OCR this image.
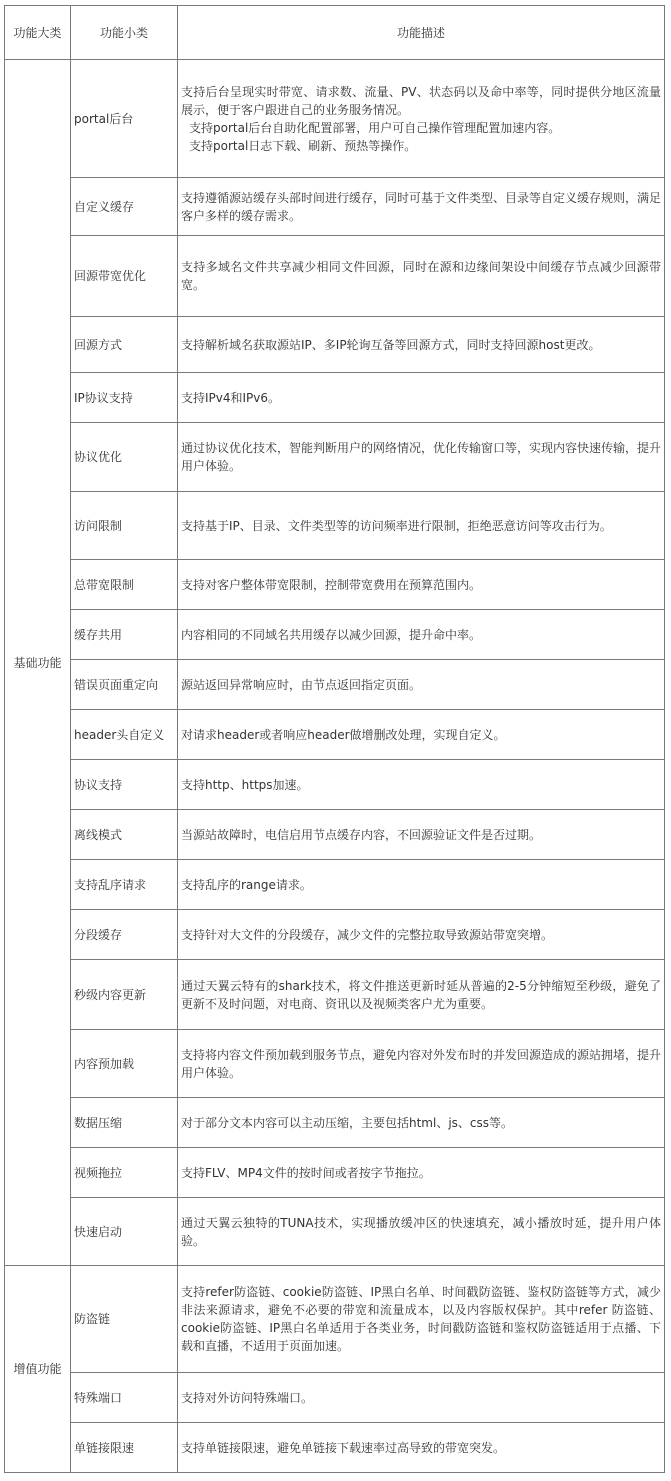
功能大类	功能小类	功能描述
基础功能	portal后台	支持后台呈现实时带宽、请求数、流量、PV、状态码以及命中率等，同时提供分地区流量展示，便于客户跟进自己的业务服务情况。
支持portal后台自助化配置部署，用户可自己操作管理配置加速内容。
支持portal日志下载、刷新、预热等操作。

	自定义缓存	支持遵循源站缓存头部时间进行缓存，同时可基于文件类型、目录等自定义缓存规则，满足客户多样的缓存需求。
	回源带宽优化	支持多域名文件共享减少相同文件回源，同时在源和边缘间架设中间缓存节点减少回源带宽。
	回源方式	支持解析域名获取源站IP、多IP轮询互备等回源方式，同时支持回源host更改。
	IP协议支持	支持IPv4和IPv6。
	协议优化	通过协议优化技术，智能判断用户的网络情况，优化传输窗口等，实现内容快速传输，提升用户体验。
	访问限制	支持基于IP、目录、文件类型等的访问频率进行限制，拒绝恶意访问等攻击行为。
	总带宽限制	支持对客户整体带宽限制，控制带宽费用在预算范围内。
	缓存共用	内容相同的不同域名共用缓存以减少回源，提升命中率。
	错误页面重定向	源站返回异常响应时，由节点返回指定页面。
	header头自定义	对请求header或者响应header做增删改处理，实现自定义。
	协议支持	支持http、https加速。
	离线模式	当源站故障时，电信启用节点缓存内容，不回源验证文件是否过期。
	支持乱序请求	支持乱序的range请求。
	分段缓存	支持针对大文件的分段缓存，减少文件的完整拉取导致源站带宽突增。
	秒级内容更新	通过天翼云特有的shark技术，将文件推送更新时延从普遍的2-5分钟缩短至秒级，避免了更新不及时问题，对电商、资讯以及视频类客户尤为重要。
	内容预加载	支持将内容文件预加载到服务节点，避免内容对外发布时的并发回源造成的源站拥堵，提升用户体验。
	数据压缩	对于部分文本内容可以主动压缩，主要包括html、js、css等。
	视频拖拉	支持FLV、MP4文件的按时间或者按字节拖拉。
	快速启动	通过天翼云独特的TUNA技术，实现播放缓冲区的快速填充，减小播放时延，提升用户体验。
增值功能	防盗链	支持refer防盗链、cookie防盗链、IP黑白名单、时间戳防盗链、鉴权防盗链等方式，减少非法来源请求，避免不必要的带宽和流量成本，以及内容版权保护。其中refer 防盗链、cookie防盗链、IP黑白名单适用于各类业务，时间戳防盗链和鉴权防盗链适用于点播、下载和直播，不适用于页面加速。
	特殊端口	支持对外访问特殊端口。
	单链接限速	支持单链接限速，避免单链接下载速率过高导致的带宽突发。
